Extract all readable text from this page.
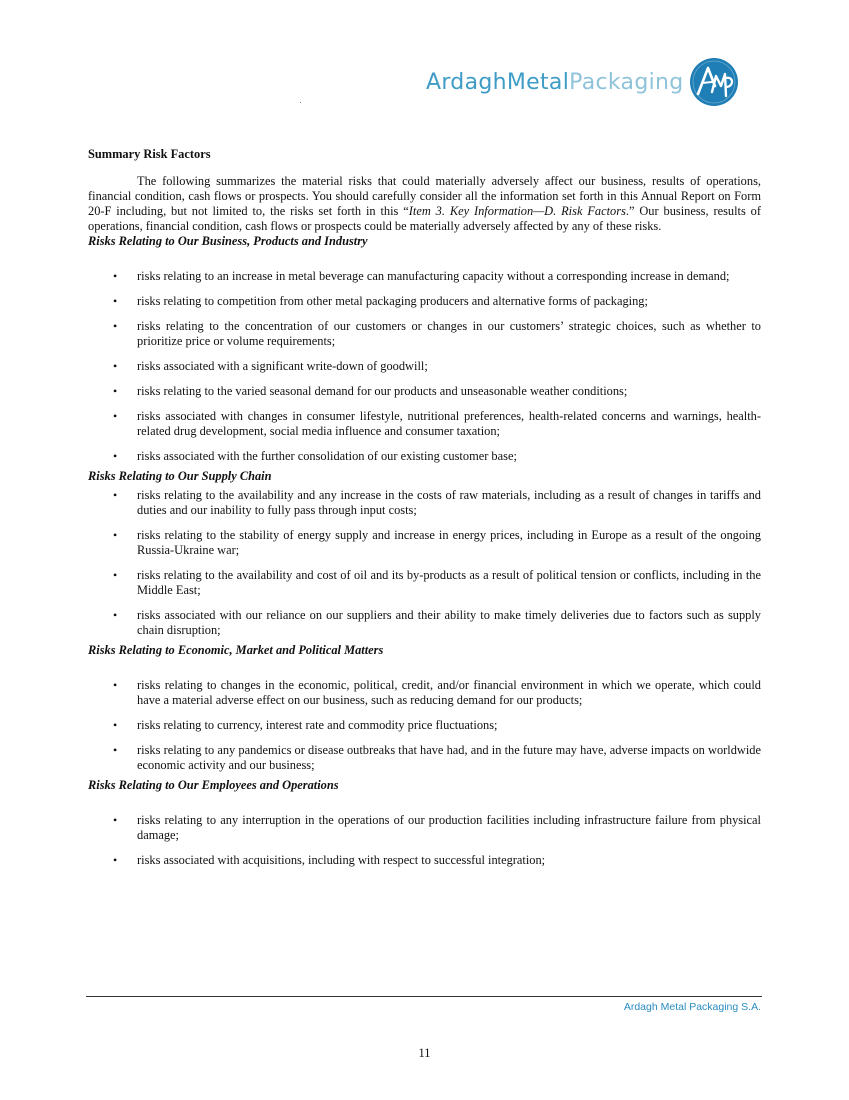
ArdaghMetalPackaging
Summary Risk Factors

The following summarizes the material risks that could materially adversely affect our business, results of operations, financial condition, cash flows or prospects. You should carefully consider all the information set forth in this Annual Report on Form 20-F including, but not limited to, the risks set forth in this “Item 3. Key Information—D. Risk Factors.” Our business, results of operations, financial condition, cash flows or prospects could be materially adversely affected by any of these risks.

Risks Relating to Our Business, Products and Industry
• risks relating to an increase in metal beverage can manufacturing capacity without a corresponding increase in demand;
• risks relating to competition from other metal packaging producers and alternative forms of packaging;
• risks relating to the concentration of our customers or changes in our customers’ strategic choices, such as whether to prioritize price or volume requirements;
• risks associated with a significant write-down of goodwill;
• risks relating to the varied seasonal demand for our products and unseasonable weather conditions;
• risks associated with changes in consumer lifestyle, nutritional preferences, health-related concerns and warnings, health-related drug development, social media influence and consumer taxation;
• risks associated with the further consolidation of our existing customer base;
Risks Relating to Our Supply Chain
• risks relating to the availability and any increase in the costs of raw materials, including as a result of changes in tariffs and duties and our inability to fully pass through input costs;
• risks relating to the stability of energy supply and increase in energy prices, including in Europe as a result of the ongoing Russia-Ukraine war;
• risks relating to the availability and cost of oil and its by-products as a result of political tension or conflicts, including in the Middle East;
• risks associated with our reliance on our suppliers and their ability to make timely deliveries due to factors such as supply chain disruption;
Risks Relating to Economic, Market and Political Matters
• risks relating to changes in the economic, political, credit, and/or financial environment in which we operate, which could have a material adverse effect on our business, such as reducing demand for our products;
• risks relating to currency, interest rate and commodity price fluctuations;
• risks relating to any pandemics or disease outbreaks that have had, and in the future may have, adverse impacts on worldwide economic activity and our business;
Risks Relating to Our Employees and Operations
• risks relating to any interruption in the operations of our production facilities including infrastructure failure from physical damage;
• risks associated with acquisitions, including with respect to successful integration;
Ardagh Metal Packaging S.A.
11
